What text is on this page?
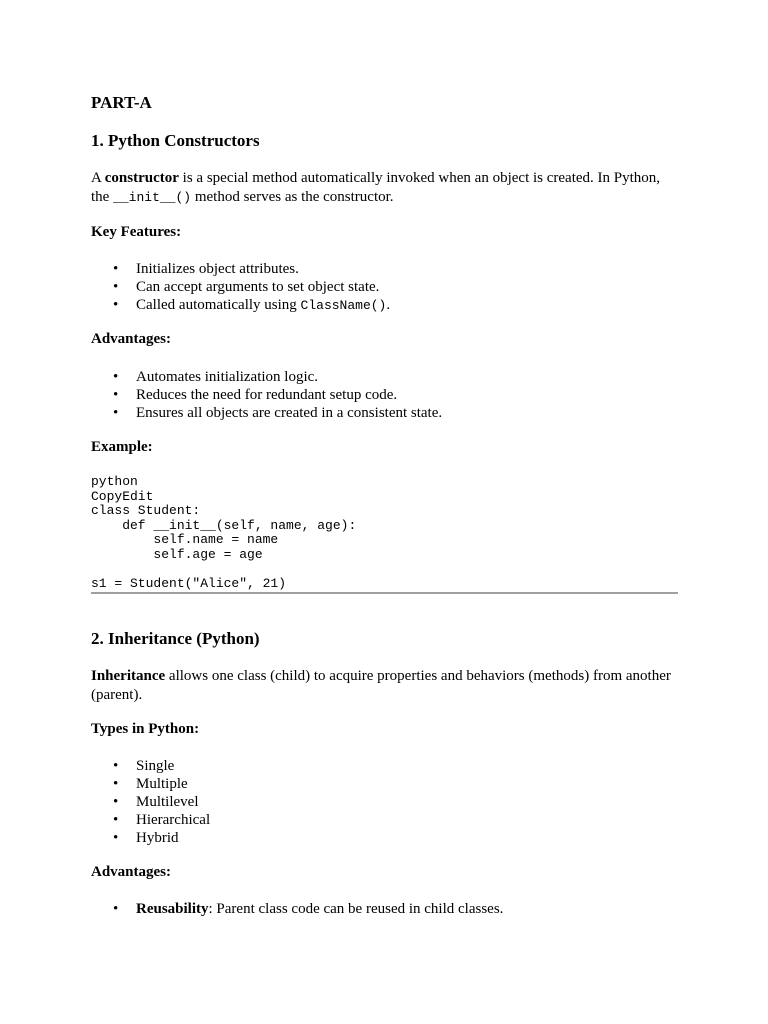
PART-A
1. Python Constructors
A constructor is a special method automatically invoked when an object is created. In Python, the __init__() method serves as the constructor.
Key Features:
• Initializes object attributes.
• Can accept arguments to set object state.
• Called automatically using ClassName().
Advantages:
• Automates initialization logic.
• Reduces the need for redundant setup code.
• Ensures all objects are created in a consistent state.
Example:
python
CopyEdit
class Student:
def __init__(self, name, age):
self.name = name
self.age = age

s1 = Student("Alice", 21)
2. Inheritance (Python)
Inheritance allows one class (child) to acquire properties and behaviors (methods) from another (parent).
Types in Python:
• Single
• Multiple
• Multilevel
• Hierarchical
• Hybrid
Advantages:
• Reusability: Parent class code can be reused in child classes.
